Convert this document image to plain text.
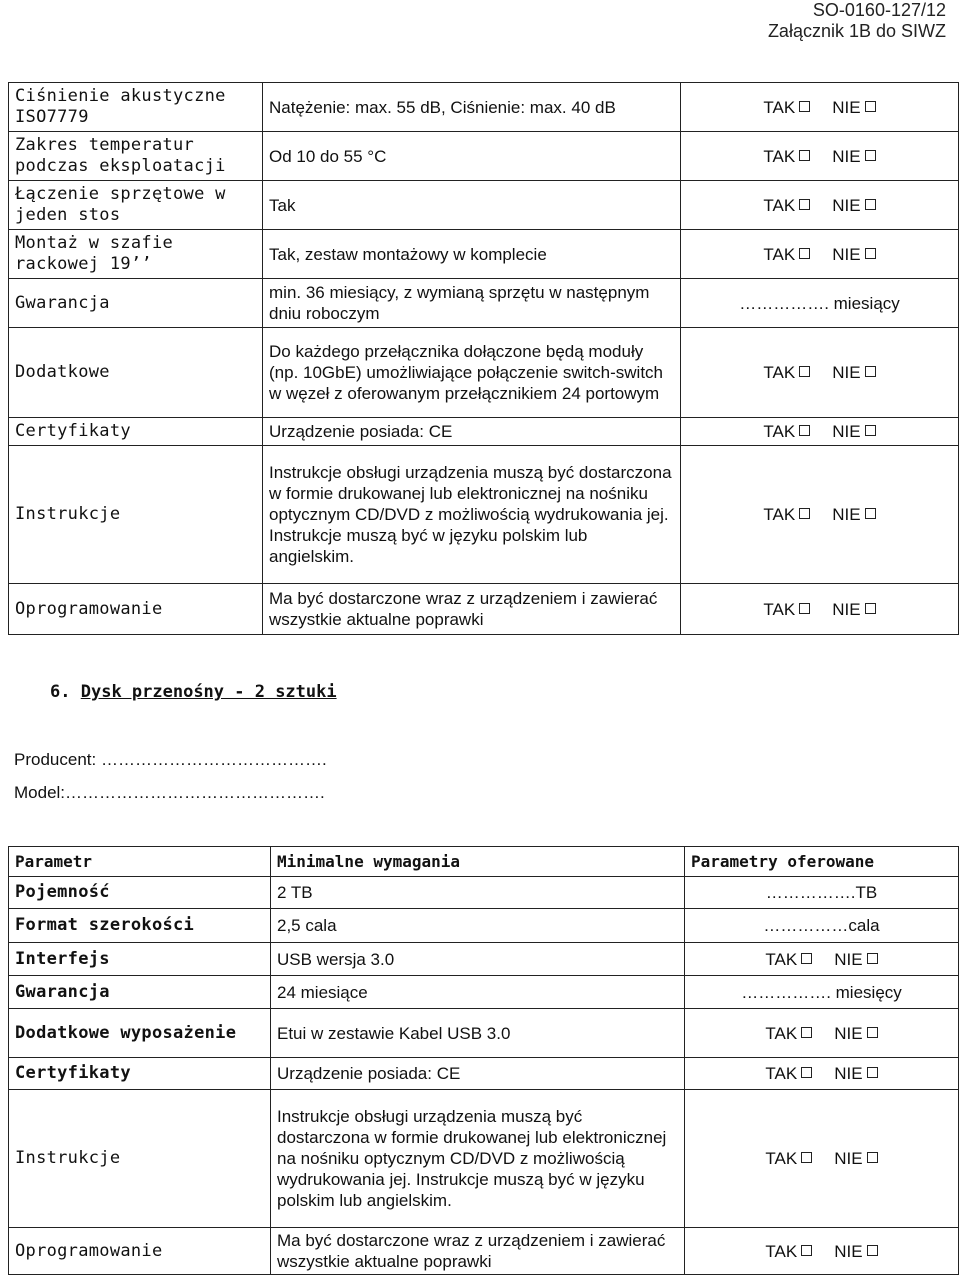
SO-0160-127/12
Załącznik 1B do SIWZ
Ciśnienie akustyczne ISO7779	Natężenie: max. 55 dB, Ciśnienie: max. 40 dB	TAK NIE
Zakres temperatur podczas eksploatacji	Od 10 do 55 °C	TAK NIE
Łączenie sprzętowe w jeden stos	Tak	TAK NIE
Montaż w szafie rackowej 19’’	Tak, zestaw montażowy w komplecie	TAK NIE
Gwarancja	min. 36 miesiący, z wymianą sprzętu w następnym dniu roboczym	……………. miesiący
Dodatkowe	Do każdego przełącznika dołączone będą moduły (np. 10GbE) umożliwiające połączenie switch-switch w węzeł z oferowanym przełącznikiem 24 portowym	TAK NIE
Certyfikaty	Urządzenie posiada: CE	TAK NIE
Instrukcje	Instrukcje obsługi urządzenia muszą być dostarczona w formie drukowanej lub elektronicznej na nośniku optycznym CD/DVD z możliwością wydrukowania jej. Instrukcje muszą być w języku polskim lub angielskim.	TAK NIE
Oprogramowanie	Ma być dostarczone wraz z urządzeniem i zawierać wszystkie aktualne poprawki	TAK NIE
6. Dysk przenośny - 2 sztuki
Producent: ………………………………….
Model:……………………………………….
Parametr	Minimalne wymagania	Parametry oferowane
Pojemność	2 TB	…………….TB
Format szerokości	2,5 cala	……………cala
Interfejs	USB wersja 3.0	TAK NIE
Gwarancja	24 miesiące	……………. miesięcy
Dodatkowe wyposażenie	Etui w zestawie Kabel USB 3.0	TAK NIE
Certyfikaty	Urządzenie posiada: CE	TAK NIE
Instrukcje	Instrukcje obsługi urządzenia muszą być dostarczona w formie drukowanej lub elektronicznej na nośniku optycznym CD/DVD z możliwością wydrukowania jej. Instrukcje muszą być w języku polskim lub angielskim.	TAK NIE
Oprogramowanie	Ma być dostarczone wraz z urządzeniem i zawierać wszystkie aktualne poprawki	TAK NIE
